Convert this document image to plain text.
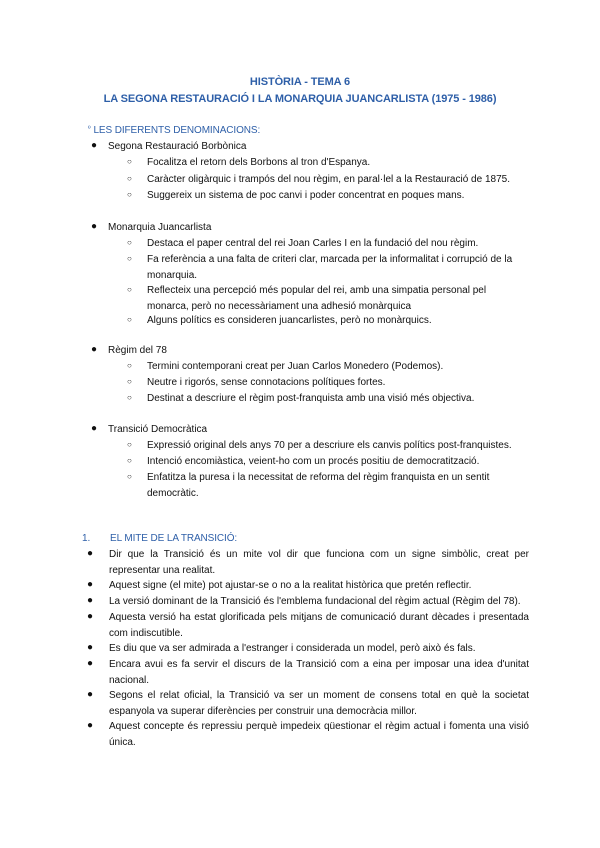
HISTÒRIA - TEMA 6
LA SEGONA RESTAURACIÓ I LA MONARQUIA JUANCARLISTA (1975 - 1986)
$^º$ LES DIFERENTS DENOMINACIONS:
● Segona Restauració Borbònica
○ Focalitza el retorn dels Borbons al tron d'Espanya.
○ Caràcter oligàrquic i trampós del nou règim, en paral·lel a la Restauració de 1875.
○ Suggereix un sistema de poc canvi i poder concentrat en poques mans.
● Monarquia Juancarlista
○ Destaca el paper central del rei Joan Carles I en la fundació del nou règim.
○ Fa referència a una falta de criteri clar, marcada per la informalitat i corrupció de la monarquia.
○ Reflecteix una percepció més popular del rei, amb una simpatia personal pel monarca, però no necessàriament una adhesió monàrquica
○ Alguns polítics es consideren juancarlistes, però no monàrquics.
● Règim del 78
○ Termini contemporani creat per Juan Carlos Monedero (Podemos).
○ Neutre i rigorós, sense connotacions polítiques fortes.
○ Destinat a descriure el règim post-franquista amb una visió més objectiva.
● Transició Democràtica
○ Expressió original dels anys 70 per a descriure els canvis polítics post-franquistes.
○ Intenció encomiàstica, veient-ho com un procés positiu de democratització.
○ Enfatitza la puresa i la necessitat de reforma del règim franquista en un sentit democràtic.
1. EL MITE DE LA TRANSICIÓ:
● Dir que la Transició és un mite vol dir que funciona com un signe simbòlic, creat per representar una realitat.
● Aquest signe (el mite) pot ajustar-se o no a la realitat històrica que pretén reflectir.
● La versió dominant de la Transició és l'emblema fundacional del règim actual (Règim del 78).
● Aquesta versió ha estat glorificada pels mitjans de comunicació durant dècades i presentada com indiscutible.
● Es diu que va ser admirada a l'estranger i considerada un model, però això és fals.
● Encara avui es fa servir el discurs de la Transició com a eina per imposar una idea d'unitat nacional.
● Segons el relat oficial, la Transició va ser un moment de consens total en què la societat espanyola va superar diferències per construir una democràcia millor.
● Aquest concepte és repressiu perquè impedeix qüestionar el règim actual i fomenta una visió única.
